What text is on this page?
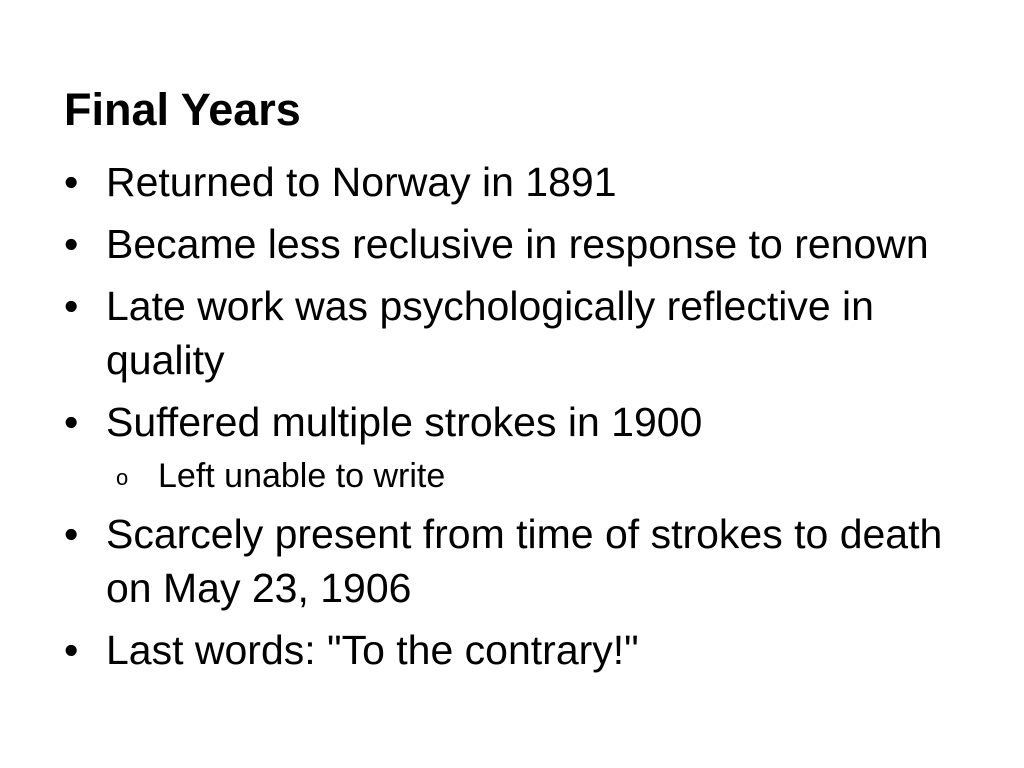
Final Years
• Returned to Norway in 1891
• Became less reclusive in response to renown
• Late work was psychologically reflective in quality
• Suffered multiple strokes in 1900
o Left unable to write
• Scarcely present from time of strokes to death on May 23, 1906
• Last words: "To the contrary!"
